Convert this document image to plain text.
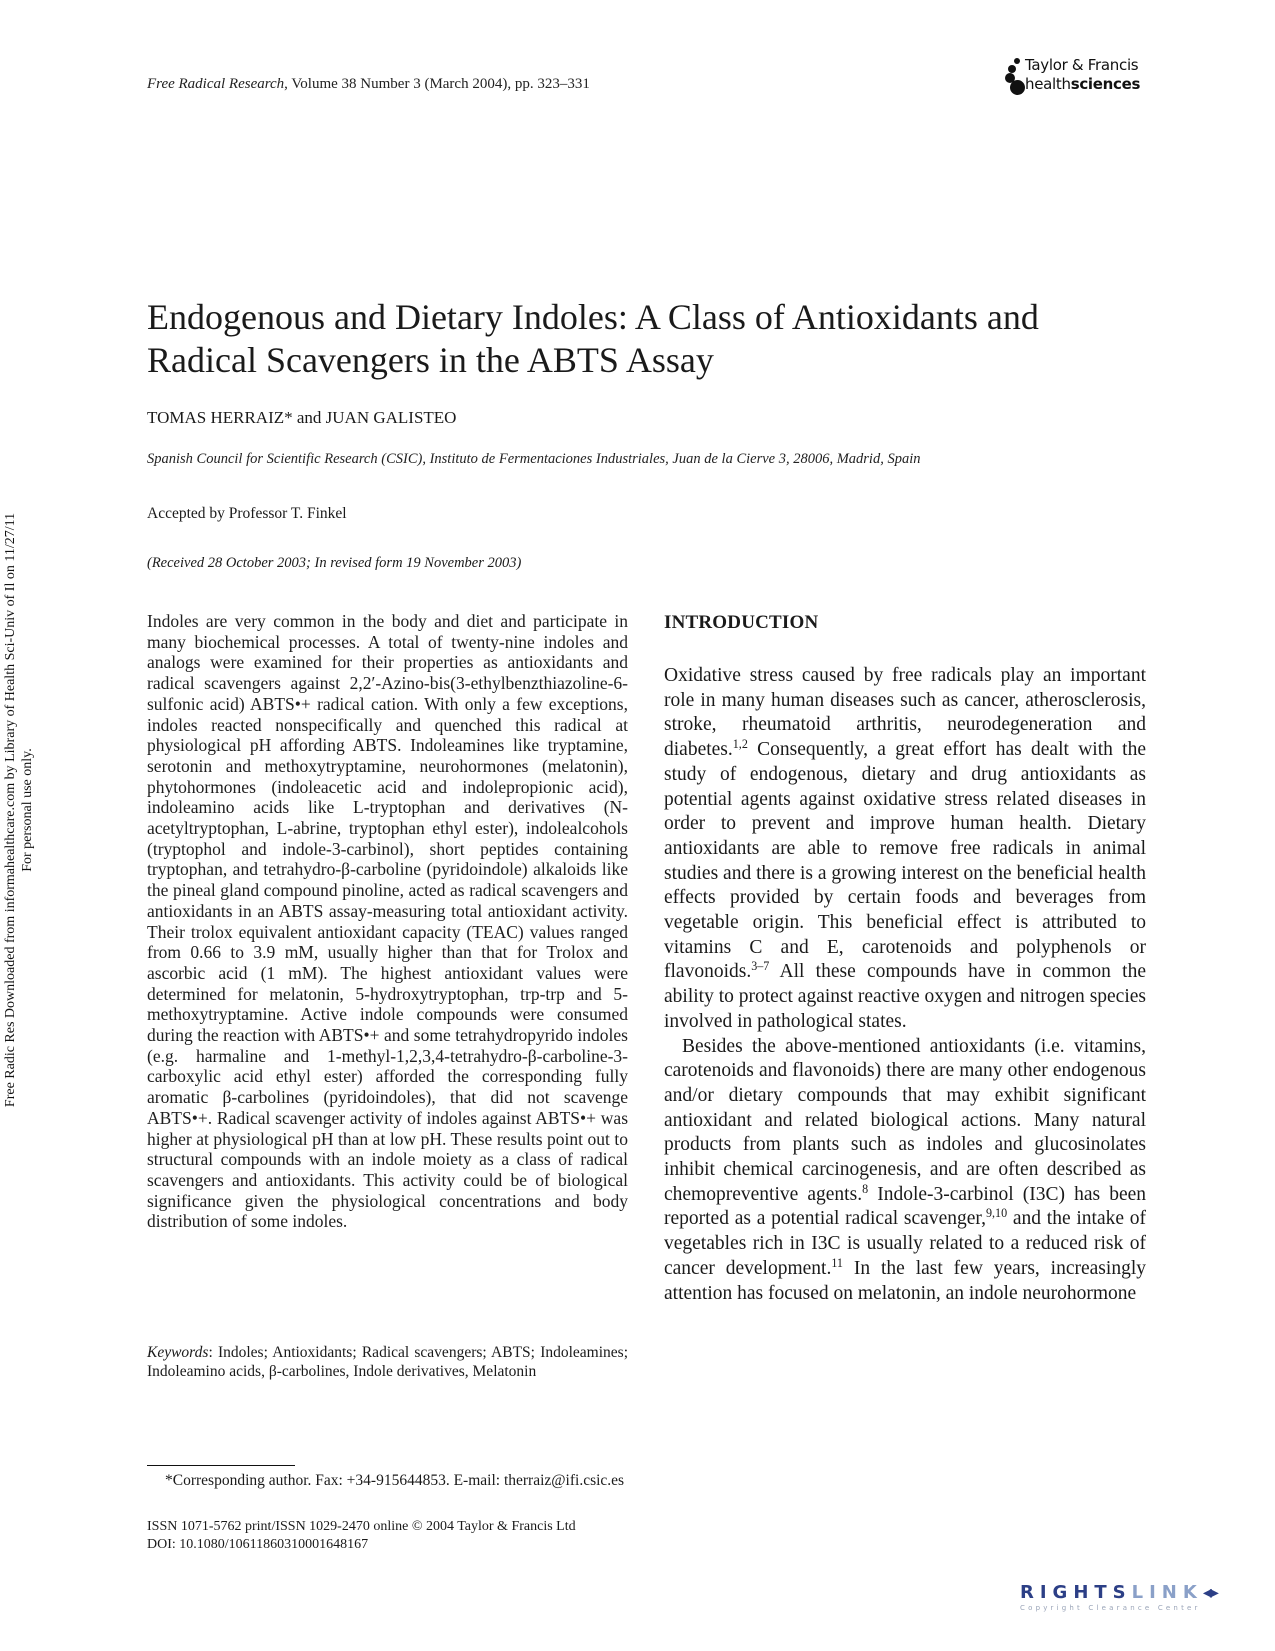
Free Radical Research, Volume 38 Number 3 (March 2004), pp. 323–331
Taylor & Francis
healthsciences
Free Radic Res Downloaded from informahealthcare.com by Library of Health Sci-Univ of Il on 11/27/11 For personal use only.
Endogenous and Dietary Indoles: A Class of Antioxidants and Radical Scavengers in the ABTS Assay
TOMAS HERRAIZ* and JUAN GALISTEO
Spanish Council for Scientific Research (CSIC), Instituto de Fermentaciones Industriales, Juan de la Cierve 3, 28006, Madrid, Spain
Accepted by Professor T. Finkel
(Received 28 October 2003; In revised form 19 November 2003)

Indoles are very common in the body and diet and participate in many biochemical processes. A total of twenty-nine indoles and analogs were examined for their properties as antioxidants and radical scavengers against 2,2′-Azino-bis(3-ethylbenzthiazoline-6-sulfonic acid) ABTS•+ radical cation. With only a few exceptions, indoles reacted nonspecifically and quenched this radical at physiological pH affording ABTS. Indoleamines like tryptamine, serotonin and methoxytryptamine, neurohormones (melatonin), phytohormones (indoleacetic acid and indolepropionic acid), indoleamino acids like L-tryptophan and derivatives (N-acetyltryptophan, L-abrine, tryptophan ethyl ester), indolealcohols (tryptophol and indole-3-carbinol), short peptides containing tryptophan, and tetrahydro-β-carboline (pyridoindole) alkaloids like the pineal gland compound pinoline, acted as radical scavengers and antioxidants in an ABTS assay-measuring total antioxidant activity. Their trolox equivalent antioxidant capacity (TEAC) values ranged from 0.66 to 3.9 mM, usually higher than that for Trolox and ascorbic acid (1 mM). The highest antioxidant values were determined for melatonin, 5-hydroxytryptophan, trp-trp and 5-methoxytryptamine. Active indole compounds were consumed during the reaction with ABTS•+ and some tetrahydropyrido indoles (e.g. harmaline and 1-methyl-1,2,3,4-tetrahydro-β-carboline-3-carboxylic acid ethyl ester) afforded the corresponding fully aromatic β-carbolines (pyridoindoles), that did not scavenge ABTS•+. Radical scavenger activity of indoles against ABTS•+ was higher at physiological pH than at low pH. These results point out to structural compounds with an indole moiety as a class of radical scavengers and antioxidants. This activity could be of biological significance given the physiological concentrations and body distribution of some indoles.

Keywords: Indoles; Antioxidants; Radical scavengers; ABTS; Indoleamines; Indoleamino acids, β-carbolines, Indole derivatives, Melatonin
INTRODUCTION

Oxidative stress caused by free radicals play an important role in many human diseases such as cancer, atherosclerosis, stroke, rheumatoid arthritis, neurodegeneration and diabetes.$^{1,2}$ Consequently, a great effort has dealt with the study of endogenous, dietary and drug antioxidants as potential agents against oxidative stress related diseases in order to prevent and improve human health. Dietary antioxidants are able to remove free radicals in animal studies and there is a growing interest on the beneficial health effects provided by certain foods and beverages from vegetable origin. This beneficial effect is attributed to vitamins C and E, carotenoids and polyphenols or flavonoids.$^{3-7}$ All these compounds have in common the ability to protect against reactive oxygen and nitrogen species involved in pathological states.

Besides the above-mentioned antioxidants (i.e. vitamins, carotenoids and flavonoids) there are many other endogenous and/or dietary compounds that may exhibit significant antioxidant and related biological actions. Many natural products from plants such as indoles and glucosinolates inhibit chemical carcinogenesis, and are often described as chemopreventive agents.$^8$ Indole-3-carbinol (I3C) has been reported as a potential radical scavenger,$^{9,10}$ and the intake of vegetables rich in I3C is usually related to a reduced risk of cancer development.$^{11}$ In the last few years, increasingly attention has focused on melatonin, an indole neurohormone

*Corresponding author. Fax: +34-915644853. E-mail: therraiz@ifi.csic.es
ISSN 1071-5762 print/ISSN 1029-2470 online © 2004 Taylor & Francis Ltd
DOI: 10.1080/10611860310001648167
RIGHTSLINK◂▸
Copyright Clearance Center
